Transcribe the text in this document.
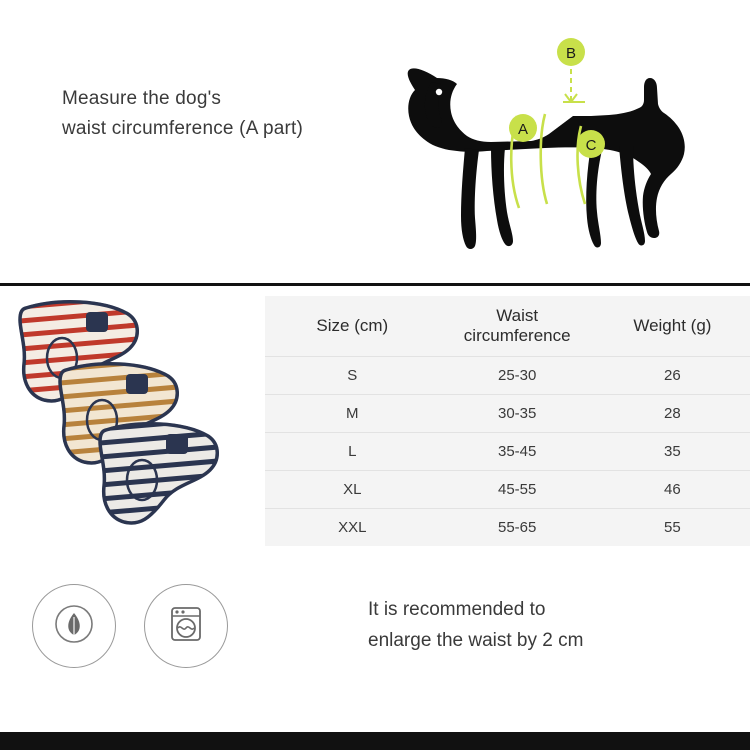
Measure the dog's
waist circumference (A part)	A
B
C
Size (cm)	Waist circumference	Weight (g)
S	25-30	26
M	30-35	28
L	35-45	35
XL	45-55	46
XXL	55-65	55
It is recommended to
enlarge the waist by 2 cm
